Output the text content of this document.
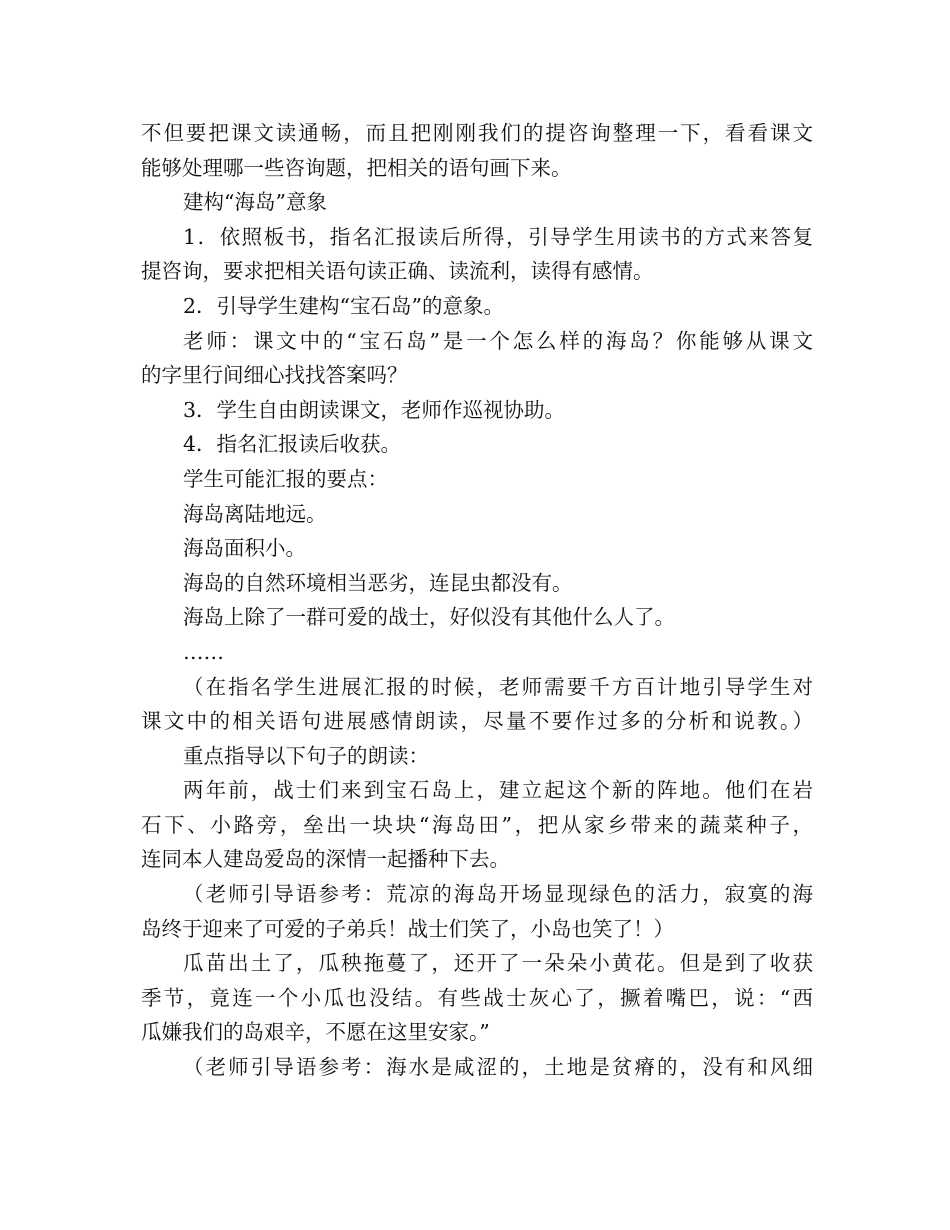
不但要把课文读通畅，而且把刚刚我们的提咨询整理一下，看看课文
能够处理哪一些咨询题，把相关的语句画下来。
建构“海岛”意象
1．依照板书，指名汇报读后所得，引导学生用读书的方式来答复
提咨询，要求把相关语句读正确、读流利，读得有感情。
2．引导学生建构“宝石岛”的意象。
老师：课文中的“宝石岛”是一个怎么样的海岛？你能够从课文
的字里行间细心找找答案吗？
3．学生自由朗读课文，老师作巡视协助。
4．指名汇报读后收获。
学生可能汇报的要点：
海岛离陆地远。
海岛面积小。
海岛的自然环境相当恶劣，连昆虫都没有。
海岛上除了一群可爱的战士，好似没有其他什么人了。
……
（在指名学生进展汇报的时候，老师需要千方百计地引导学生对
课文中的相关语句进展感情朗读，尽量不要作过多的分析和说教。）
重点指导以下句子的朗读：
两年前，战士们来到宝石岛上，建立起这个新的阵地。他们在岩
石下、小路旁，垒出一块块“海岛田”，把从家乡带来的蔬菜种子，
连同本人建岛爱岛的深情一起播种下去。
（老师引导语参考：荒凉的海岛开场显现绿色的活力，寂寞的海
岛终于迎来了可爱的子弟兵！战士们笑了，小岛也笑了！）
瓜苗出土了，瓜秧拖蔓了，还开了一朵朵小黄花。但是到了收获
季节，竟连一个小瓜也没结。有些战士灰心了，撅着嘴巴，说：“西
瓜嫌我们的岛艰辛，不愿在这里安家。”
（老师引导语参考：海水是咸涩的，土地是贫瘠的，没有和风细
